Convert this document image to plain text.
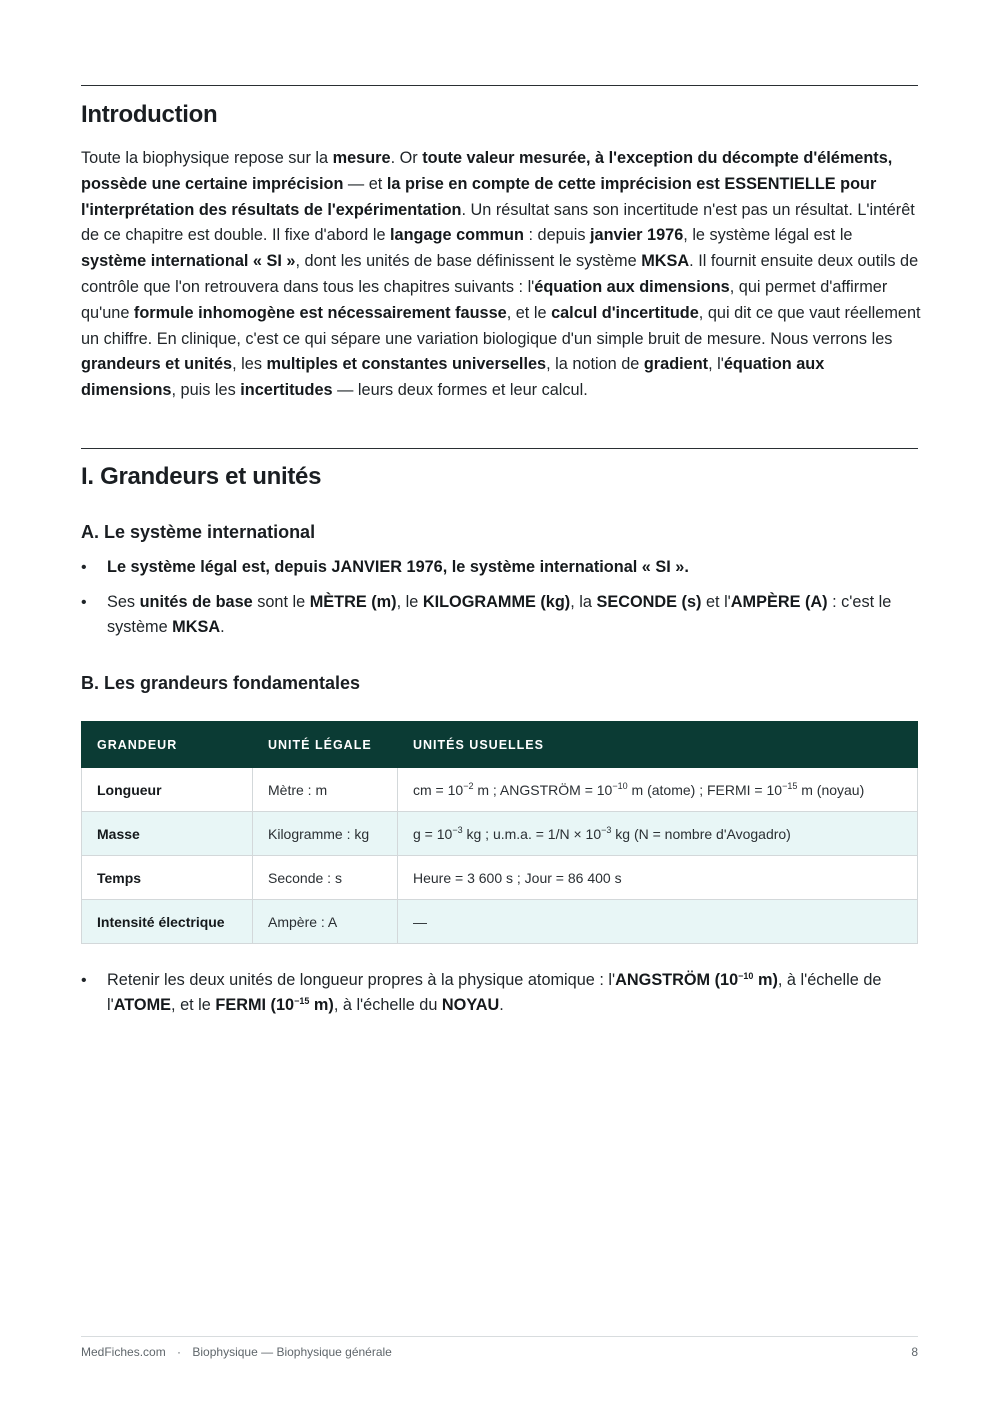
Introduction

Toute la biophysique repose sur la mesure. Or toute valeur mesurée, à l'exception du décompte d'éléments, possède une certaine imprécision — et la prise en compte de cette imprécision est ESSENTIELLE pour l'interprétation des résultats de l'expérimentation. Un résultat sans son incertitude n'est pas un résultat. L'intérêt de ce chapitre est double. Il fixe d'abord le langage commun : depuis janvier 1976, le système légal est le système international « SI », dont les unités de base définissent le système MKSA. Il fournit ensuite deux outils de contrôle que l'on retrouvera dans tous les chapitres suivants : l'équation aux dimensions, qui permet d'affirmer qu'une formule inhomogène est nécessairement fausse, et le calcul d'incertitude, qui dit ce que vaut réellement un chiffre. En clinique, c'est ce qui sépare une variation biologique d'un simple bruit de mesure. Nous verrons les grandeurs et unités, les multiples et constantes universelles, la notion de gradient, l'équation aux dimensions, puis les incertitudes — leurs deux formes et leur calcul.

I. Grandeurs et unités
A. Le système international
• Le système légal est, depuis JANVIER 1976, le système international « SI ».
• Ses unités de base sont le MÈTRE (m), le KILOGRAMME (kg), la SECONDE (s) et l'AMPÈRE (A) : c'est le système MKSA.
B. Les grandeurs fondamentales
GRANDEUR	UNITÉ LÉGALE	UNITÉS USUELLES
Longueur	Mètre : m	cm = $10^{-2}$ m ; ANGSTRÖM = $10^{-10}$ m (atome) ; FERMI = $10^{-15}$ m (noyau)
Masse	Kilogramme : kg	$g = 10^{-3}$ kg ; u.m.a. = $1/N \times 10^{-3}$ kg (N = nombre d'Avogadro)
Temps	Seconde : s	Heure = 3 600 s ; Jour = 86 400 s
Intensité électrique	Ampère : A	—
• Retenir les deux unités de longueur propres à la physique atomique : l'ANGSTRÖM ($10^{-10}$ m), à l'échelle de l'ATOME, et le FERMI ($10^{-15}$ m), à l'échelle du NOYAU.
MedFiches.com · Biophysique — Biophysique générale	8
